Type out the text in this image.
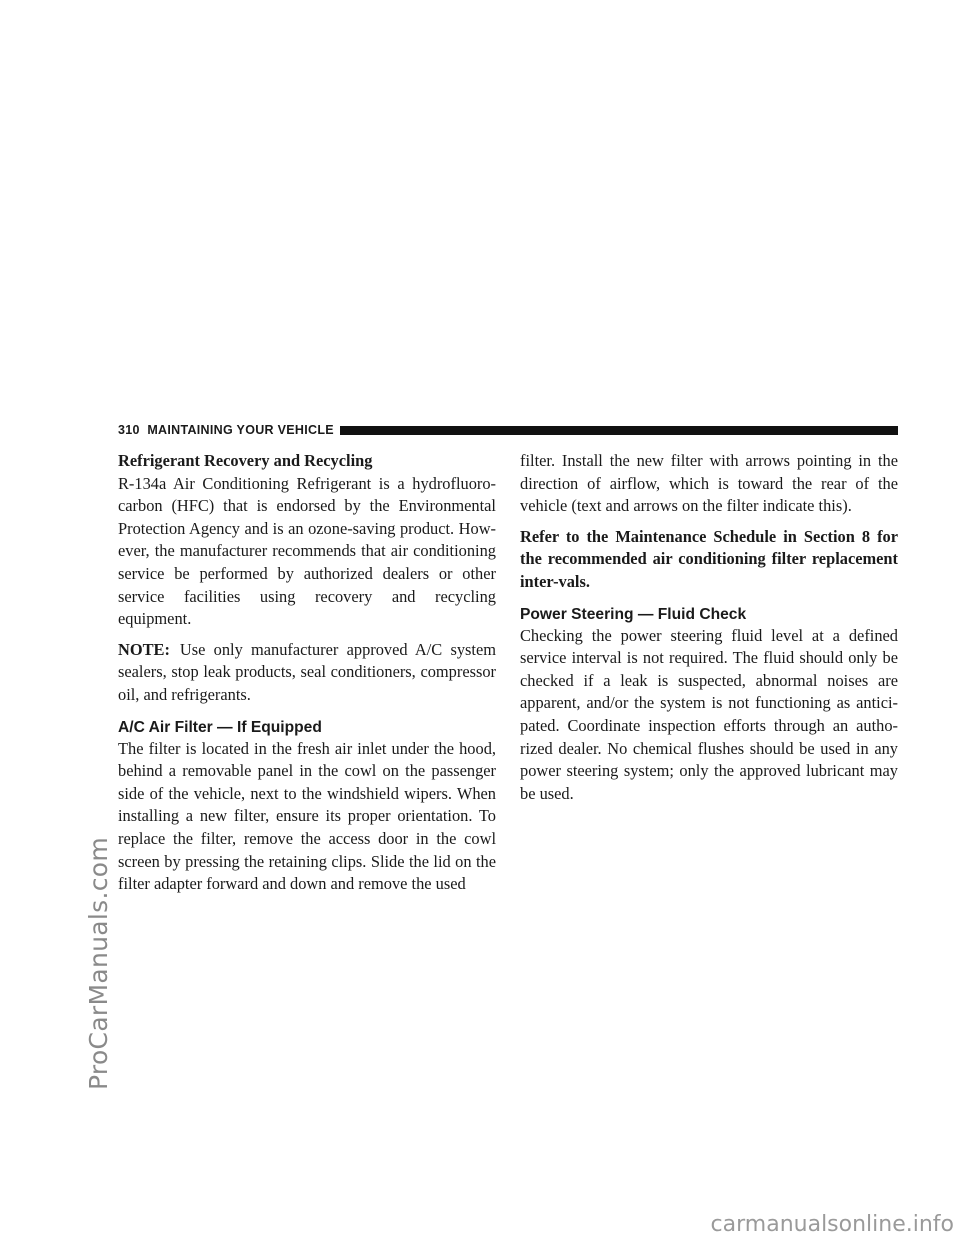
ProCarManuals.com
310 MAINTAINING YOUR VEHICLE

Refrigerant Recovery and Recycling

R-134a Air Conditioning Refrigerant is a hydrofluoro-carbon (HFC) that is endorsed by the Environmental Protection Agency and is an ozone-saving product. How-ever, the manufacturer recommends that air conditioning service be performed by authorized dealers or other service facilities using recovery and recycling equipment.

NOTE: Use only manufacturer approved A/C system sealers, stop leak products, seal conditioners, compressor oil, and refrigerants.

A/C Air Filter — If Equipped

The filter is located in the fresh air inlet under the hood, behind a removable panel in the cowl on the passenger side of the vehicle, next to the windshield wipers. When installing a new filter, ensure its proper orientation. To replace the filter, remove the access door in the cowl screen by pressing the retaining clips. Slide the lid on the filter adapter forward and down and remove the used

filter. Install the new filter with arrows pointing in the direction of airflow, which is toward the rear of the vehicle (text and arrows on the filter indicate this).

Refer to the Maintenance Schedule in Section 8 for the recommended air conditioning filter replacement inter-vals.

Power Steering — Fluid Check

Checking the power steering fluid level at a defined service interval is not required. The fluid should only be checked if a leak is suspected, abnormal noises are apparent, and/or the system is not functioning as antici-pated. Coordinate inspection efforts through an autho-rized dealer. No chemical flushes should be used in any power steering system; only the approved lubricant may be used.

carmanualsonline.info
